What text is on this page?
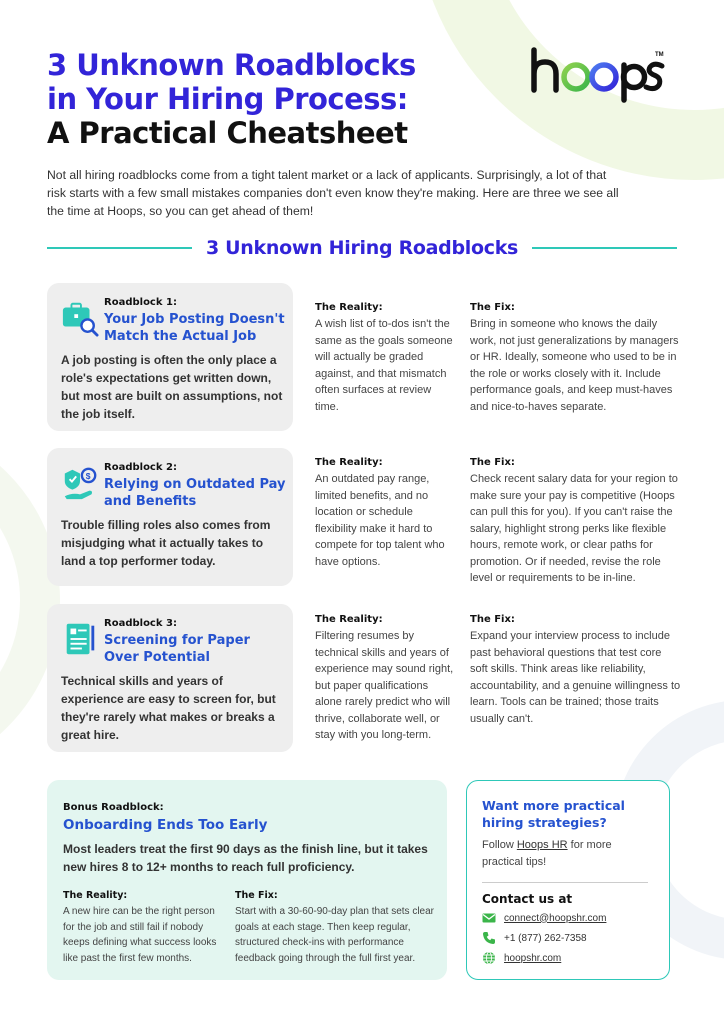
3 Unknown Roadblocks
in Your Hiring Process:
A Practical Cheatsheet
TM

Not all hiring roadblocks come from a tight talent market or a lack of applicants. Surprisingly, a lot of that risk starts with a few small mistakes companies don't even know they're making. Here are three we see all the time at Hoops, so you can get ahead of them!

3 Unknown Hiring Roadblocks
Roadblock 1:
Your Job Posting Doesn't Match the Actual Job
A job posting is often the only place a role's expectations get written down, but most are built on assumptions, not the job itself.
The Reality:
A wish list of to-dos isn't the same as the goals someone will actually be graded against, and that mismatch often surfaces at review time.
The Fix:
Bring in someone who knows the daily work, not just generalizations by managers or HR. Ideally, someone who used to be in the role or works closely with it. Include performance goals, and keep must-haves and nice-to-haves separate.
$
Roadblock 2:
Relying on Outdated Pay and Benefits
Trouble filling roles also comes from misjudging what it actually takes to land a top performer today.
The Reality:
An outdated pay range, limited benefits, and no location or schedule flexibility make it hard to compete for top talent who have options.
The Fix:
Check recent salary data for your region to make sure your pay is competitive (Hoops can pull this for you). If you can't raise the salary, highlight strong perks like flexible hours, remote work, or clear paths for promotion. Or if needed, revise the role level or requirements to be in-line.
Roadblock 3:
Screening for Paper Over Potential
Technical skills and years of experience are easy to screen for, but they're rarely what makes or breaks a great hire.
The Reality:
Filtering resumes by technical skills and years of experience may sound right, but paper qualifications alone rarely predict who will thrive, collaborate well, or stay with you long-term.
The Fix:
Expand your interview process to include past behavioral questions that test core soft skills. Think areas like reliability, accountability, and a genuine willingness to learn. Tools can be trained; those traits usually can't.
Bonus Roadblock:
Onboarding Ends Too Early
Most leaders treat the first 90 days as the finish line, but it takes new hires 8 to 12+ months to reach full proficiency.
The Reality:
A new hire can be the right person for the job and still fail if nobody keeps defining what success looks like past the first few months.
The Fix:
Start with a 30-60-90-day plan that sets clear goals at each stage. Then keep regular, structured check-ins with performance feedback going through the full first year.
Want more practical hiring strategies?
Follow Hoops HR for more practical tips!
Contact us at
connect@hoopshr.com
+1 (877) 262-7358
hoopshr.com
